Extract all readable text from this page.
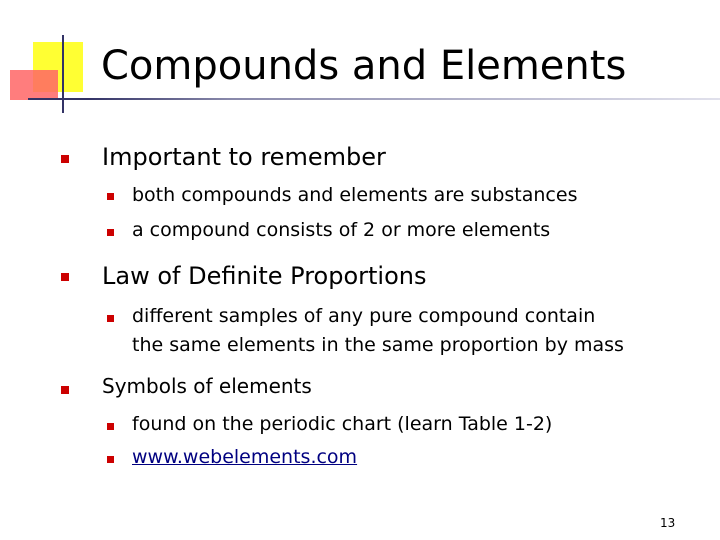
Compounds and Elements
Important to remember
both compounds and elements are substances
a compound consists of 2 or more elements
Law of Definite Proportions
different samples of any pure compound contain
the same elements in the same proportion by mass
Symbols of elements
found on the periodic chart (learn Table 1-2)
www.webelements.com
13
